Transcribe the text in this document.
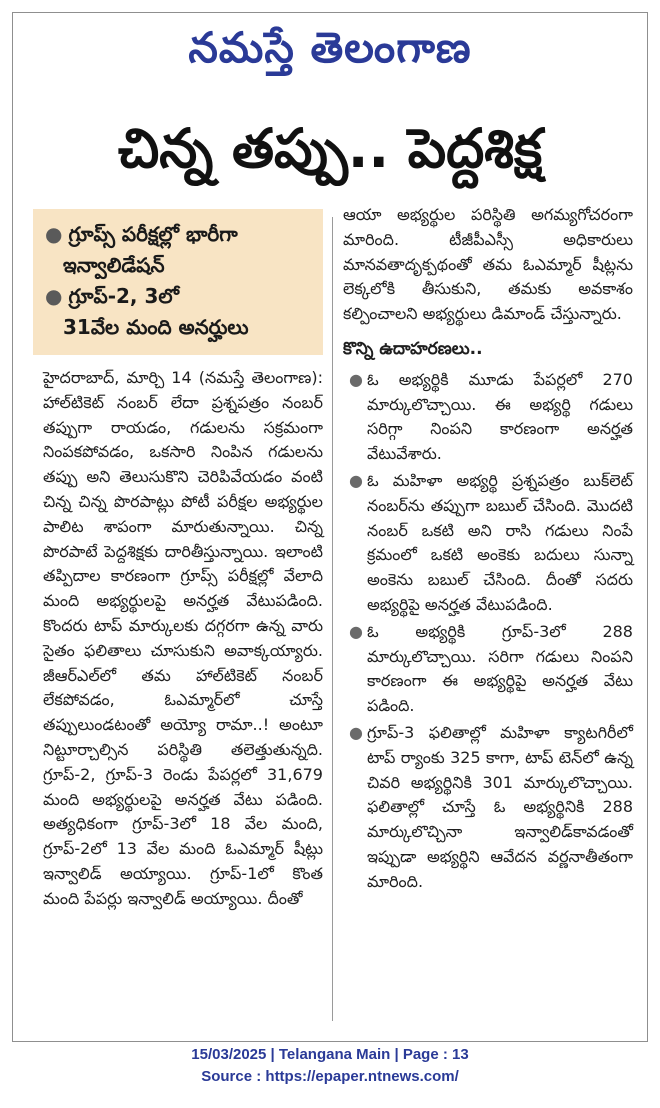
నమస్తే తెలంగాణ
చిన్న తప్పు.. పెద్దశిక్ష
● గ్రూప్స్ పరీక్షల్లో భారీగా
ఇన్వాలిడేషన్
● గ్రూప్-2, 3లో
31వేల మంది అనర్హులు

హైదరాబాద్, మార్చి 14 (నమస్తే తెలంగాణ): హాల్‌టికెట్ నంబర్ లేదా ప్రశ్నపత్రం నంబర్ తప్పుగా రాయడం, గడులను సక్రమంగా నింపకపోవడం, ఒకసారి నింపిన గడులను తప్పు అని తెలుసుకొని చెరిపివేయడం వంటి చిన్న చిన్న పొరపాట్లు పోటీ పరీక్షల అభ్యర్థుల పాలిట శాపంగా మారుతున్నాయి. చిన్న పొరపాటే పెద్దశిక్షకు దారితీస్తున్నాయి. ఇలాంటి తప్పిదాల కారణంగా గ్రూప్స్ పరీక్షల్లో వేలాది మంది అభ్యర్థులపై అనర్హత వేటుపడింది. కొందరు టాప్ మార్కులకు దగ్గరగా ఉన్న వారు సైతం ఫలితాలు చూసుకుని అవాక్కయ్యారు. జీఆర్‌ఎల్‌లో తమ హాల్‌టికెట్ నంబర్ లేకపోవడం, ఓఎమ్మార్‌లో చూస్తే తప్పులుండటంతో అయ్యో రామా..! అంటూ నిట్టూర్చాల్సిన పరిస్థితి తలెత్తుతున్నది. గ్రూప్-2, గ్రూప్-3 రెండు పేపర్లలో 31,679 మంది అభ్యర్థులపై అనర్హత వేటు పడింది. అత్యధికంగా గ్రూప్-3లో 18 వేల మంది, గ్రూప్-2లో 13 వేల మంది ఓఎమ్మార్ షీట్లు ఇన్వాలిడ్ అయ్యాయి. గ్రూప్-1లో కొంత మంది పేపర్లు ఇన్వాలిడ్ అయ్యాయి. దీంతో

ఆయా అభ్యర్థుల పరిస్థితి అగమ్యగోచరంగా మారింది. టీజీపీఎస్సీ అధికారులు మానవతాదృక్పథంతో తమ ఓఎమ్మార్ షీట్లను లెక్కలోకి తీసుకుని, తమకు అవకాశం కల్పించాలని అభ్యర్థులు డిమాండ్ చేస్తున్నారు.

కొన్ని ఉదాహరణలు..
● ఓ అభ్యర్థికి మూడు పేపర్లలో 270 మార్కులొచ్చాయి. ఈ అభ్యర్థి గడులు సరిగ్గా నింపని కారణంగా అనర్హత వేటువేశారు.
● ఓ మహిళా అభ్యర్థి ప్రశ్నపత్రం బుక్‌లెట్ నంబర్‌ను తప్పుగా బబుల్ చేసింది. మొదటి నంబర్ ఒకటి అని రాసి గడులు నింపే క్రమంలో ఒకటి అంకెకు బదులు సున్నా అంకెను బబుల్ చేసింది. దీంతో సదరు అభ్యర్థిపై అనర్హత వేటుపడింది.
● ఓ అభ్యర్థికి గ్రూప్-3లో 288 మార్కులొచ్చాయి. సరిగా గడులు నింపని కారణంగా ఈ అభ్యర్థిపై అనర్హత వేటు పడింది.
● గ్రూప్-3 ఫలితాల్లో మహిళా క్యాటగిరీలో టాప్ ర్యాంకు 325 కాగా, టాప్ టెన్‌లో ఉన్న చివరి అభ్యర్థినికి 301 మార్కులొచ్చాయి. ఫలితాల్లో చూస్తే ఓ అభ్యర్థినికి 288 మార్కులొచ్చినా ఇన్వాలిడ్‌కావడంతో ఇప్పుడా అభ్యర్థిని ఆవేదన వర్ణనాతీతంగా మారింది.
15/03/2025 | Telangana Main | Page : 13
Source : https://epaper.ntnews.com/
